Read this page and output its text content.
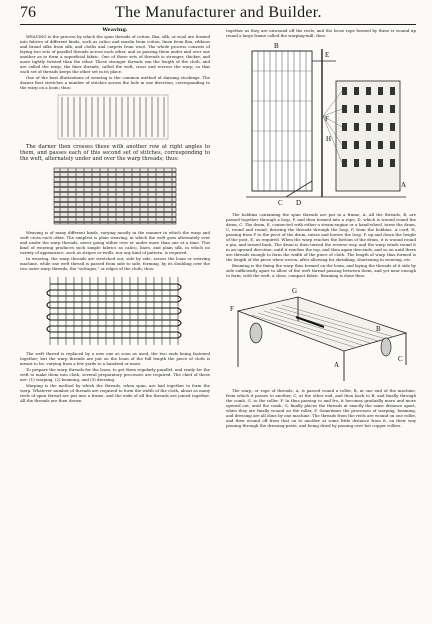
76	The Manufacturer and Builder.

Weaving.

WEAVING is the process by which the spun threads of cotton, flax, silk, or wool are formed into fabrics of different kinds, such as calico and muslin from cotton, linen from flax, ribbons and broad silks from silk, and cloths and carpets from wool. The whole process consists of laying two sets of parallel threads across each other, and so passing them under and over one another as to form a superficial fabric. One of these sets of threads is stronger, thicker, and more tightly twisted than the other. These stronger threads run the length of the cloth, and are called the warp; the finer threads, called the weft, cross and recross the warp, so that each set of threads keeps the other set in its place.

One of the best illustrations of weaving is the common method of darning stockings. The darner first stretches a number of stitches across the hole in one direction, corresponding to the warp on a loom; thus:

The darner then crosses these with another row at right angles to them, and passes each of this second set of stitches, corresponding to the weft, alternately under and over the warp threads; thus:

Weaving is of many different kinds, varying mostly in the manner in which the warp and weft cross each other. The simplest is plain weaving, in which the weft goes alternately over and under the warp threads, never going either over or under more than one at a time. This kind of weaving produces such simple fabrics as calico, linen, and plain silk, in which no variety of appearance, such as stripes or twills, nor any kind of pattern, is required.

In weaving, the warp threads are stretched out, side by side, across the loom or weaving machine, while one weft thread is passed from side to side, forming, by its doubling over the two outer warp threads, the "selvages," or edges of the cloth; thus:

The weft thread is replaced by a new one as soon as used, the two ends being fastened together; but the warp threads are put on the loom of the full length the piece of cloth is meant to be, varying from a few yards to a hundred or more.

To prepare the warp threads for the loom, to get them regularly parallel, and ready for the weft to make them into cloth, several preparatory processes are required. The chief of these are: (1) warping, (2) beaming, and (3) dressing.

Warping is the method by which the threads, when spun, are laid together to form the warp. Whatever number of threads are required to form the width of the cloth, about as many reels of spun thread are put into a frame, and the ends of all the threads are joined together. All the threads are then drawn

together as they are unwound off the reels, and the loose rope formed by these is wound up round a large frame called the warping-mill, thus:

B
E
F
H
C
A
D

The bobbins containing the spun threads are put in a frame, A. All the threads, B, are passed together through a loop, F, and then formed into a rope, D, which is wound round the drum, C. The drum, E, connected with either a steam-engine or a hand-wheel, turns the drum, C, round and round, drawing the threads through the loop, F, from the bobbins. A cord, H, passing from F to the pivot of the drum, raises and lowers the loop, F, up and down the height of the post, E, as required. When the warp reaches the bottom of the drum, it is wound round a pin, and turned back. The drum is then turned the reverse way, and the warp winds round it in an upward direction, until it reaches the top, and then again descends, and so on until there are threads enough to form the width of the piece of cloth. The length of warp thus formed is the length of the piece when woven, after allowing for shrinking, shortening in weaving, etc.

Beaming is the fixing the warp thus formed on the loom, and laying the threads of it side by side sufficiently apart to allow of the weft thread passing between them, and yet near enough to form, with the weft, a close, compact fabric. Beaming is done thus:

G
F
B
A
C

The warp, or rope of threads, A, is passed round a roller, B, at one end of the machine, from which it passes to another, C, at the other end, and then back to B, and finally through the comb, G, to the roller, F. In thus passing to and fro, it becomes gradually more and more opened out, until the comb, G, finally places the threads at exactly the same distance apart, when they are finally wound on the roller, F. Sometimes the processes of warping, beaming, and dressing are all done by one machine. The threads from the reels are wound on one roller, and then wound off from that on to another at some little distance from it, on their way passing through the dressing-paste, and being dried by passing over hot copper rollers.
